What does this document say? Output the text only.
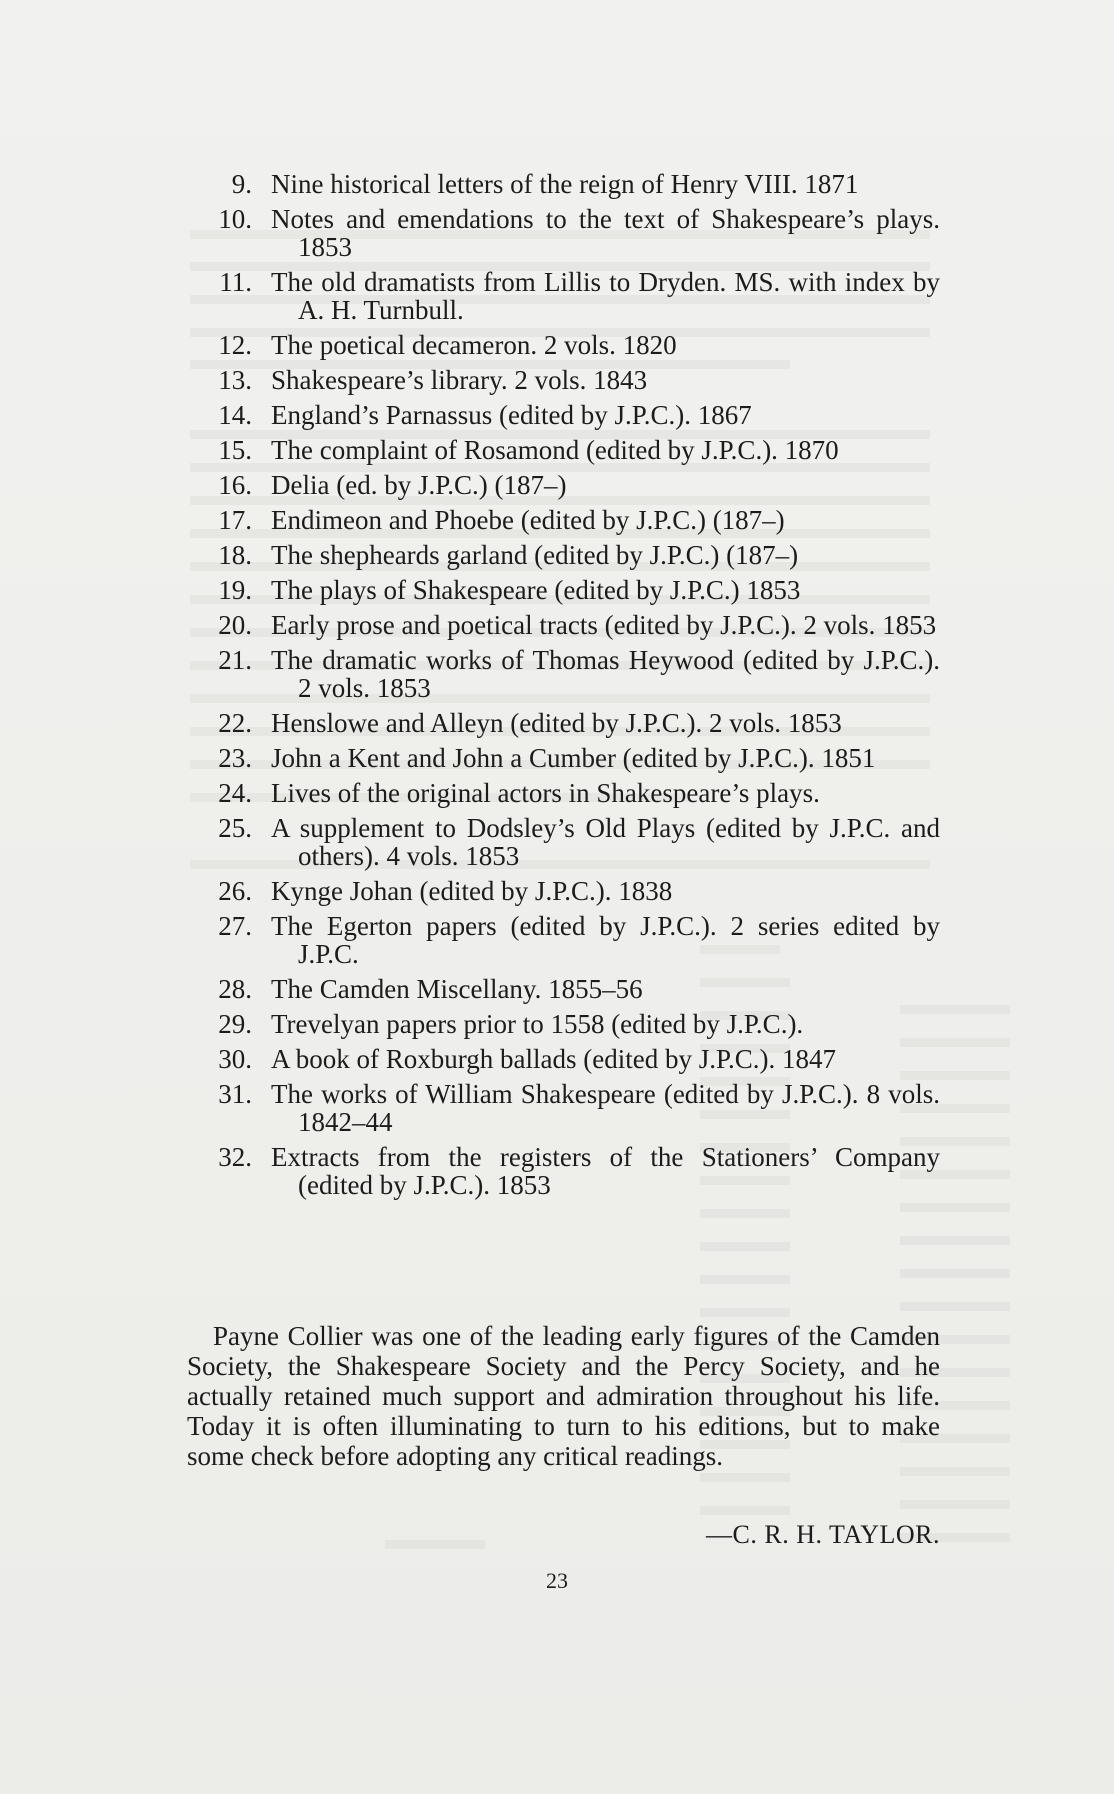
9. Nine historical letters of the reign of Henry VIII. 1871
10. Notes and emendations to the text of Shakespeare’s plays. 1853
11. The old dramatists from Lillis to Dryden. MS. with index by A. H. Turnbull.
12. The poetical decameron. 2 vols. 1820
13. Shakespeare’s library. 2 vols. 1843
14. England’s Parnassus (edited by J.P.C.). 1867
15. The complaint of Rosamond (edited by J.P.C.). 1870
16. Delia (ed. by J.P.C.) (187–)
17. Endimeon and Phoebe (edited by J.P.C.) (187–)
18. The shepheards garland (edited by J.P.C.) (187–)
19. The plays of Shakespeare (edited by J.P.C.) 1853
20. Early prose and poetical tracts (edited by J.P.C.). 2 vols. 1853
21. The dramatic works of Thomas Heywood (edited by J.P.C.). 2 vols. 1853
22. Henslowe and Alleyn (edited by J.P.C.). 2 vols. 1853
23. John a Kent and John a Cumber (edited by J.P.C.). 1851
24. Lives of the original actors in Shakespeare’s plays.
25. A supplement to Dodsley’s Old Plays (edited by J.P.C. and others). 4 vols. 1853
26. Kynge Johan (edited by J.P.C.). 1838
27. The Egerton papers (edited by J.P.C.). 2 series edited by J.P.C.
28. The Camden Miscellany. 1855–56
29. Trevelyan papers prior to 1558 (edited by J.P.C.).
30. A book of Roxburgh ballads (edited by J.P.C.). 1847
31. The works of William Shakespeare (edited by J.P.C.). 8 vols. 1842–44
32. Extracts from the registers of the Stationers’ Company (edited by J.P.C.). 1853

Payne Collier was one of the leading early figures of the Camden Society, the Shakespeare Society and the Percy Society, and he actually retained much support and admiration throughout his life. Today it is often illuminating to turn to his editions, but to make some check before adopting any critical readings.

—C. R. H. TAYLOR.
23
